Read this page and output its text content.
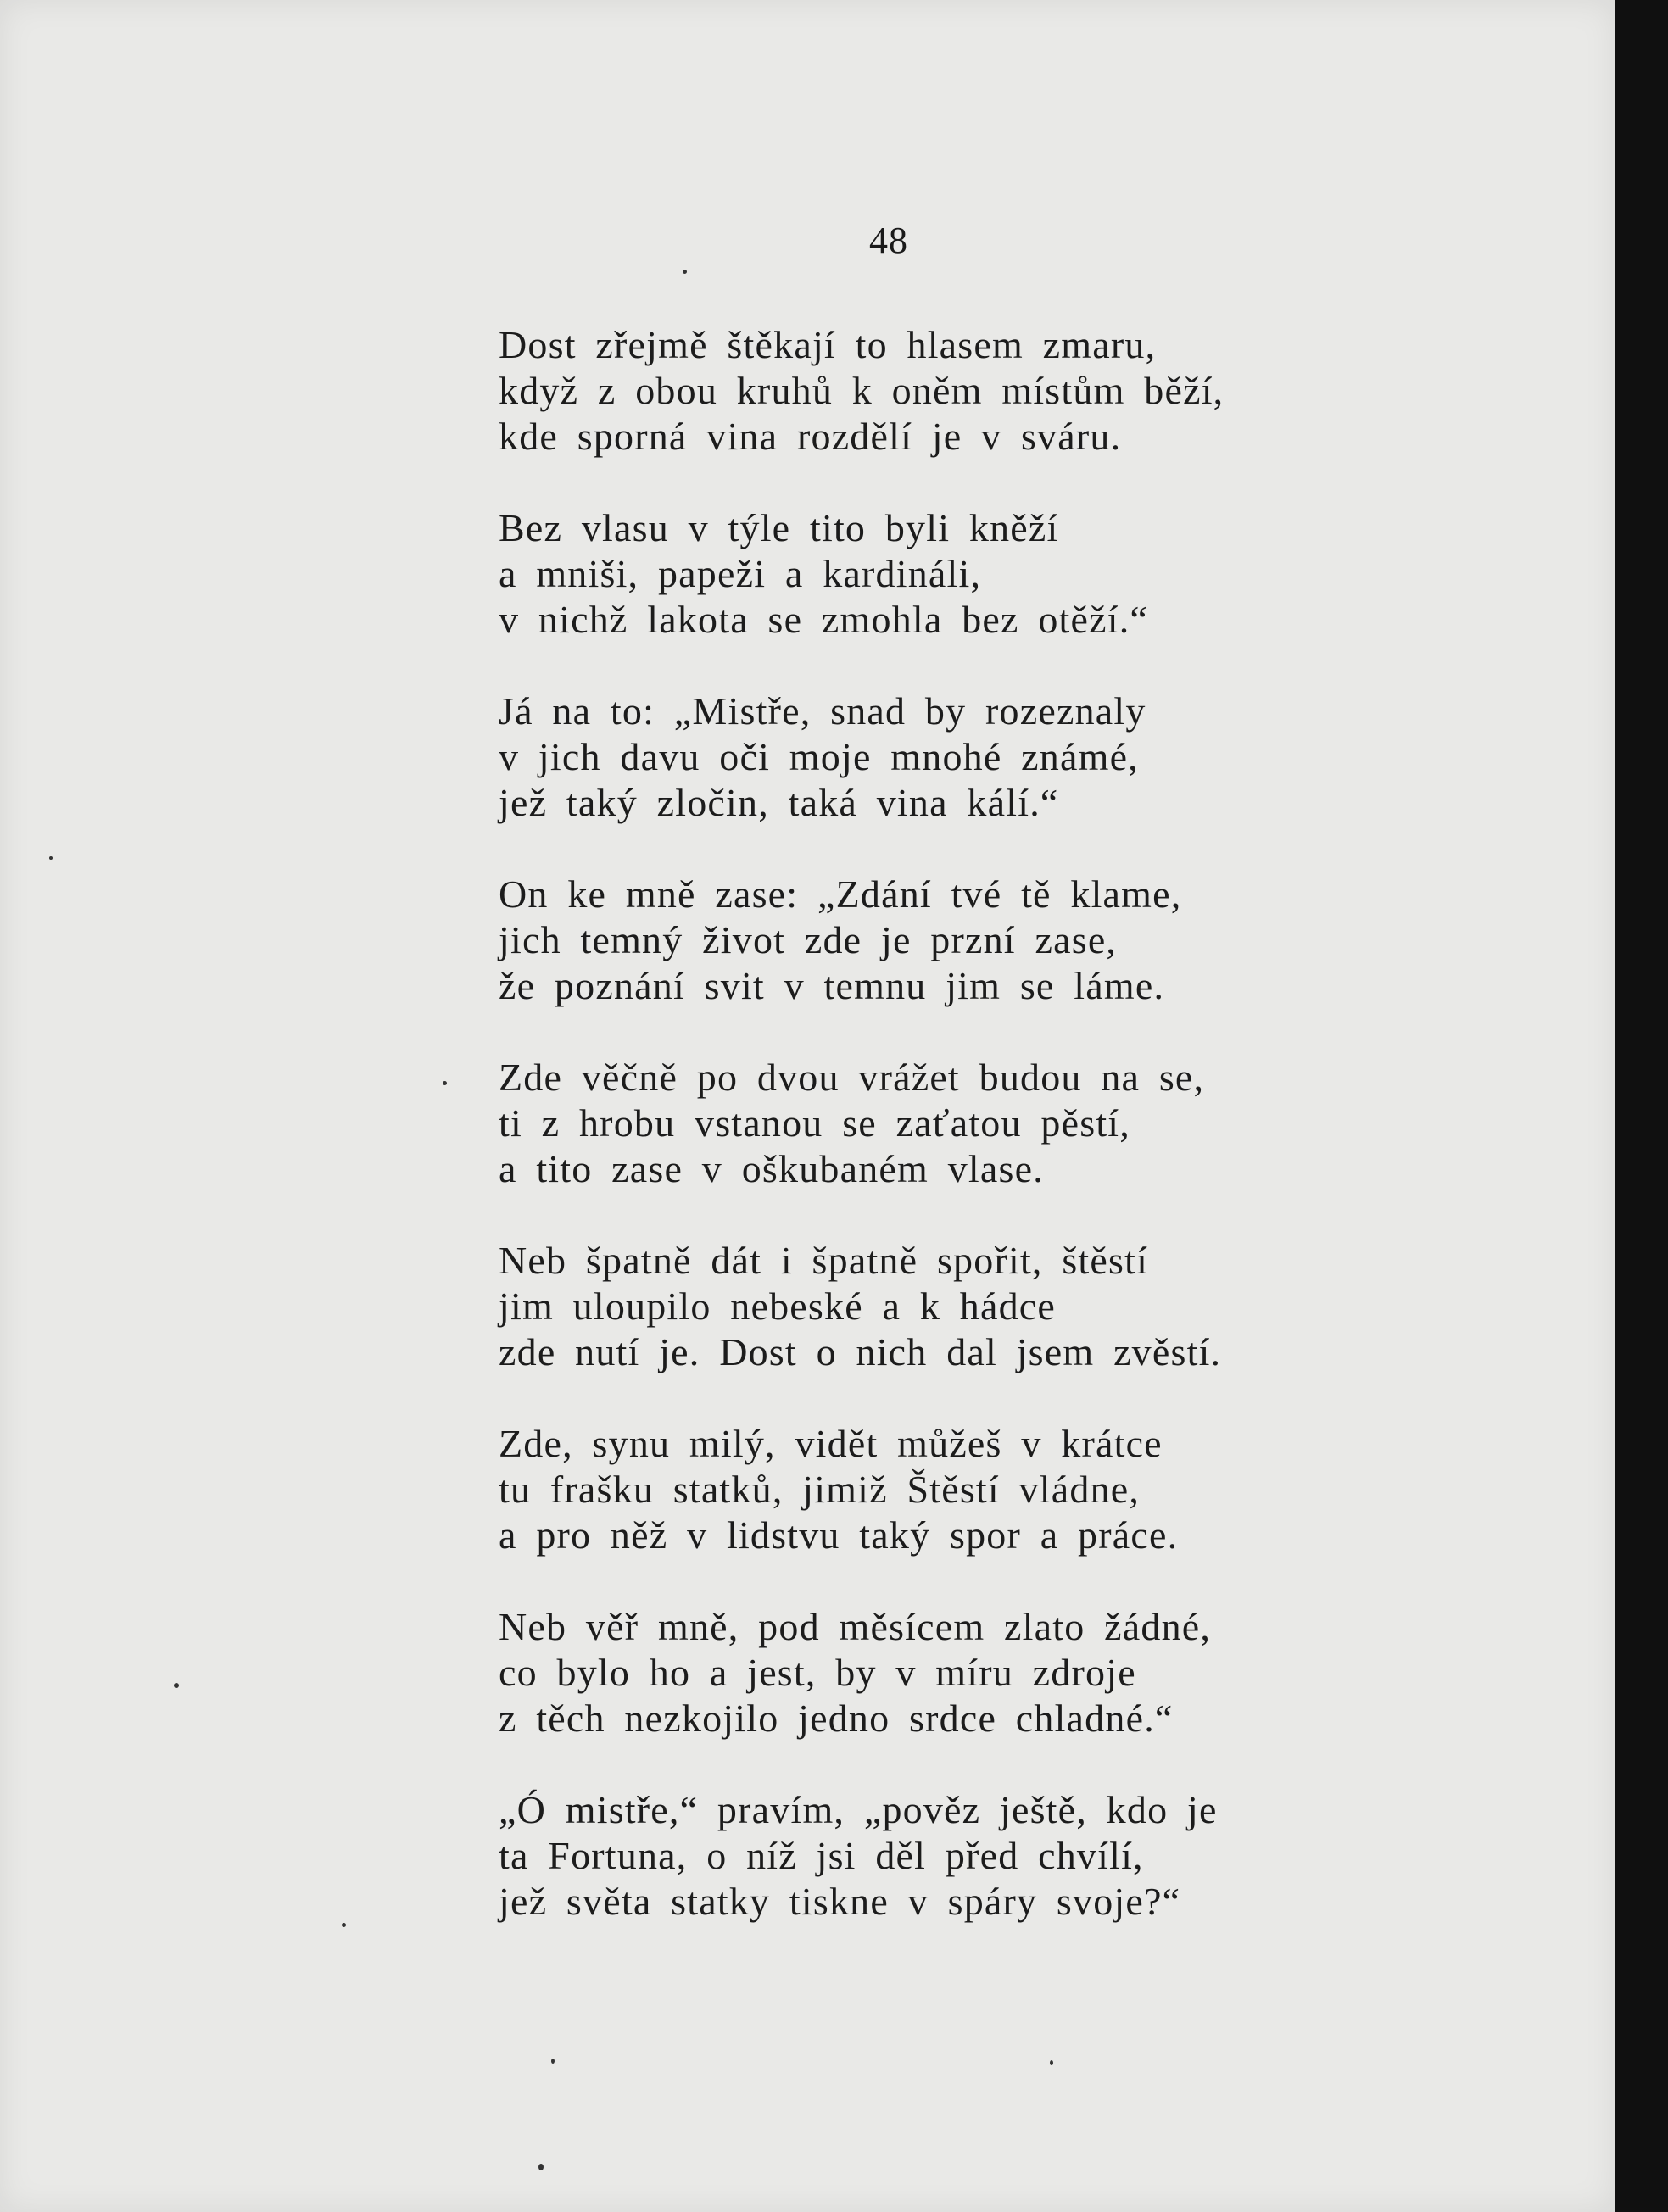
48
Dost zřejmě štěkají to hlasem zmaru,
když z obou kruhů k oněm místům běží,
kde sporná vina rozdělí je v sváru.
Bez vlasu v týle tito byli kněží
a mniši, papeži a kardináli,
v nichž lakota se zmohla bez otěží.“
Já na to: „Mistře, snad by rozeznaly
v jich davu oči moje mnohé známé,
jež taký zločin, taká vina kálí.“
On ke mně zase: „Zdání tvé tě klame,
jich temný život zde je przní zase,
že poznání svit v temnu jim se láme.
Zde věčně po dvou vrážet budou na se,
ti z hrobu vstanou se zaťatou pěstí,
a tito zase v oškubaném vlase.
Neb špatně dát i špatně spořit, štěstí
jim uloupilo nebeské a k hádce
zde nutí je. Dost o nich dal jsem zvěstí.
Zde, synu milý, vidět můžeš v krátce
tu frašku statků, jimiž Štěstí vládne,
a pro něž v lidstvu taký spor a práce.
Neb věř mně, pod měsícem zlato žádné,
co bylo ho a jest, by v míru zdroje
z těch nezkojilo jedno srdce chladné.“
„Ó mistře,“ pravím, „pověz ještě, kdo je
ta Fortuna, o níž jsi děl před chvílí,
jež světa statky tiskne v spáry svoje?“
